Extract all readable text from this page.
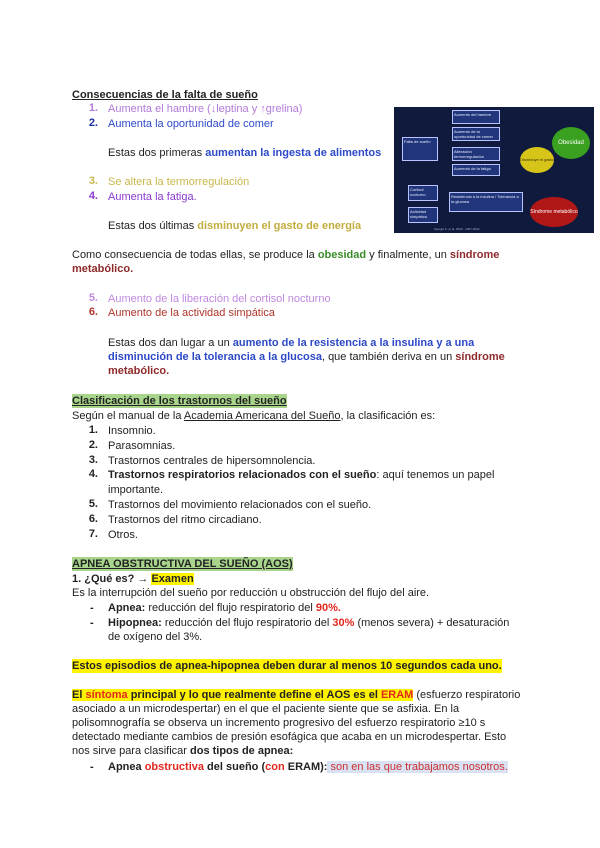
Consecuencias de la falta de sueño
1. Aumenta el hambre (↓leptina y ↑grelina)
2. Aumenta la oportunidad de comer
Estas dos primeras aumentan la ingesta de alimentos
3. Se altera la termorregulación
4. Aumenta la fatiga.
Estas dos últimas disminuyen el gasto de energía
Como consecuencia de todas ellas, se produce la obesidad y finalmente, un síndrome
metabólico.
5. Aumento de la liberación del cortisol nocturno
6. Aumento de la actividad simpática
Estas dos dan lugar a un aumento de la resistencia a la insulina y a una
disminución de la tolerancia a la glucosa, que también deriva en un síndrome
metabólico.
Aumento del hambre
Aumento de la oportunidad de comer
Alteración termorregulación
Aumento de la fatiga
Falta de sueño
Cortisol nocturno
Actividad simpática
Resistencia a la insulina / Tolerancia a la glucosa
Obesidad
Disminuye el gasto
Síndrome metabólico
Spiegel K. et al. 2009 · 1997-2002
Clasificación de los trastornos del sueño
Según el manual de la Academia Americana del Sueño, la clasificación es:
1. Insomnio.
2. Parasomnias.
3. Trastornos centrales de hipersomnolencia.
4. Trastornos respiratorios relacionados con el sueño: aquí tenemos un papel
importante.
5. Trastornos del movimiento relacionados con el sueño.
6. Trastornos del ritmo circadiano.
7. Otros.
APNEA OBSTRUCTIVA DEL SUEÑO (AOS)
1. ¿Qué es? → Examen
Es la interrupción del sueño por reducción u obstrucción del flujo del aire.
- Apnea: reducción del flujo respiratorio del 90%.
- Hipopnea: reducción del flujo respiratorio del 30% (menos severa) + desaturación
de oxígeno del 3%.
Estos episodios de apnea-hipopnea deben durar al menos 10 segundos cada uno.
El síntoma principal y lo que realmente define el AOS es el ERAM (esfuerzo respiratorio
asociado a un microdespertar) en el que el paciente siente que se asfixia. En la
polisomnografía se observa un incremento progresivo del esfuerzo respiratorio ≥10 s
detectado mediante cambios de presión esofágica que acaba en un microdespertar. Esto
nos sirve para clasificar dos tipos de apnea:
- Apnea obstructiva del sueño (con ERAM): son en las que trabajamos nosotros.
